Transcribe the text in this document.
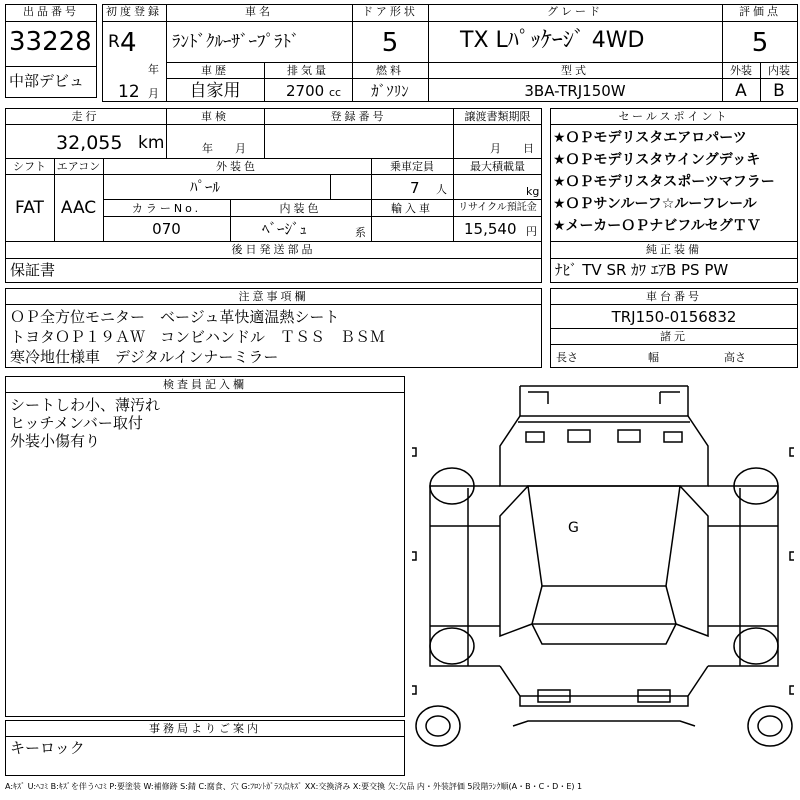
出品番号
33228
中部デビュ
初度登録
R 4
年
12 月
車名
ﾗﾝﾄﾞｸﾙｰｻﾞｰﾌﾟﾗﾄﾞ
ドア形状
5
グレード
TX Lﾊﾟｯｹｰｼﾞ 4WD
評価点
5
車歴
自家用
排気量
2700 cc
燃料
ｶﾞｿﾘﾝ
型式
3BA-TRJ150W
外装	内装
A	B
走行
32,055 km
車検
年　　月
登録番号	譲渡書類期限
月　　日
シフト
FAT
エアコン
AAC
外装色
ﾊﾟｰﾙ
乗車定員
7 人
最大積載量
kg
カラーNo.
070
内装色
ﾍﾞｰｼﾞｭ	系
輸入車	リサイクル預託金
15,540 円
後日発送部品
保証書
セールスポイント
★ＯＰモデリスタエアロパーツ
★ＯＰモデリスタウイングデッキ
★ＯＰモデリスタスポーツマフラー
★ＯＰサンルーフ☆ルーフレール
★メーカーＯＰナビフルセグＴＶ
純正装備
ﾅﾋﾞ TV SR ｶﾜ ｴｱB PS PW
注意事項欄
ＯＰ全方位モニター　ベージュ革快適温熱シート
トヨタＯＰ１９ＡＷ　コンビハンドル　ＴＳＳ　ＢＳＭ
寒冷地仕様車　デジタルインナーミラー
車台番号
TRJ150-0156832
諸元
長さ	幅	高さ
検査員記入欄
シートしわ小、薄汚れ
ヒッチメンバー取付
外装小傷有り
G
事務局よりご案内
キーロック
A:ｷｽﾞ U:ﾍｺﾐ B:ｷｽﾞを伴うﾍｺﾐ P:要塗装 W:補修跡 S:錆 C:腐食、穴 G:ﾌﾛﾝﾄｶﾞﾗｽ点ｷｽﾞ XX:交換済み X:要交換 欠:欠品 内・外装評価 5段階ﾗﾝｸ順(A・B・C・D・E) 1
